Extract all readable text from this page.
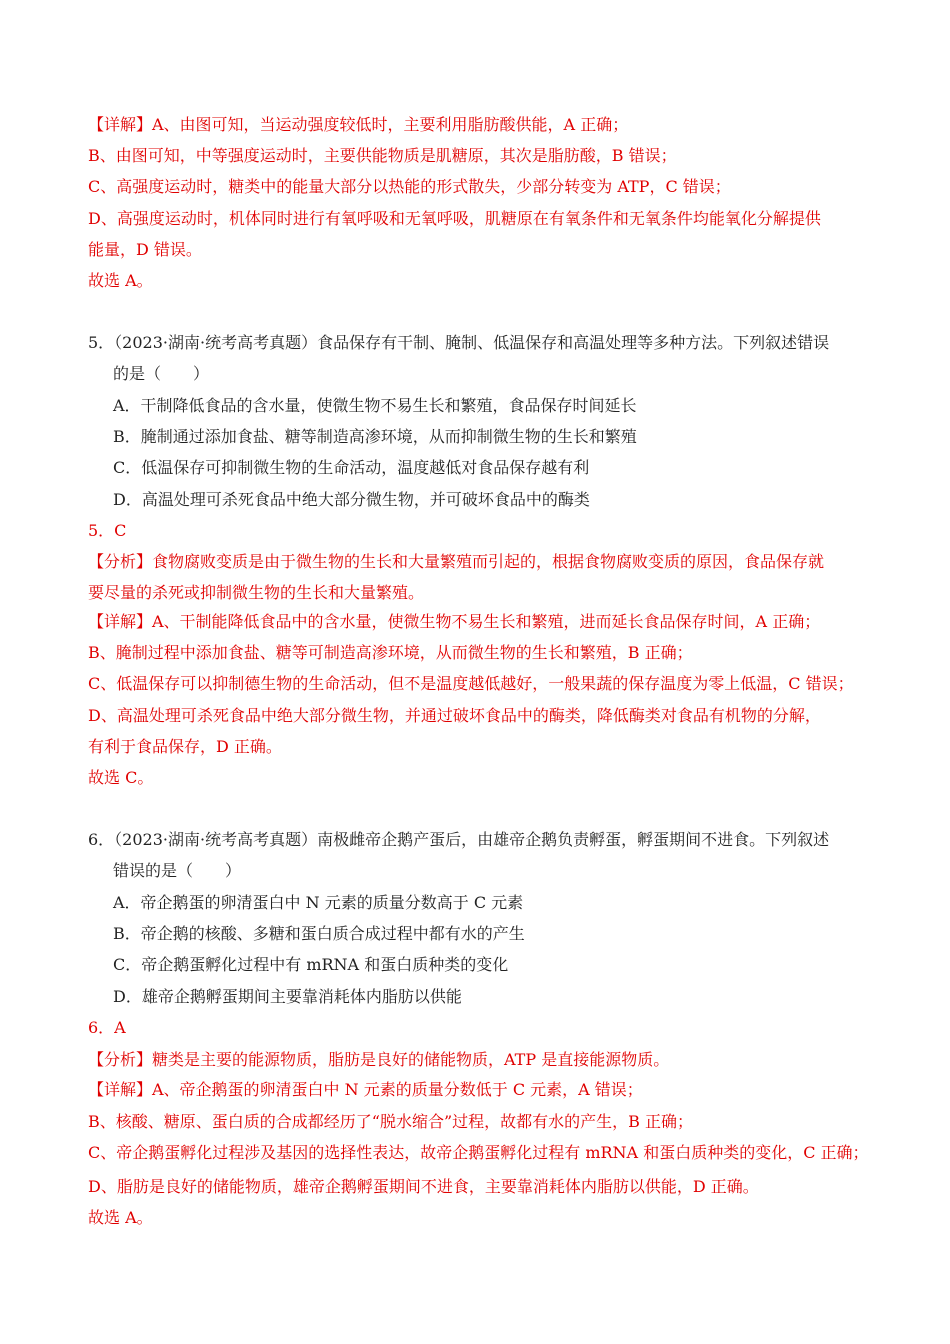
【详解】A、由图可知，当运动强度较低时，主要利用脂肪酸供能，A 正确；
B、由图可知，中等强度运动时，主要供能物质是肌糖原，其次是脂肪酸，B 错误；
C、高强度运动时，糖类中的能量大部分以热能的形式散失，少部分转变为 ATP，C 错误；
D、高强度运动时，机体同时进行有氧呼吸和无氧呼吸，肌糖原在有氧条件和无氧条件均能氧化分解提供
能量，D 错误。
故选 A。
5．（2023·湖南·统考高考真题）食品保存有干制、腌制、低温保存和高温处理等多种方法。下列叙述错误
的是（　　）
A．干制降低食品的含水量，使微生物不易生长和繁殖，食品保存时间延长
B．腌制通过添加食盐、糖等制造高渗环境，从而抑制微生物的生长和繁殖
C．低温保存可抑制微生物的生命活动，温度越低对食品保存越有利
D．高温处理可杀死食品中绝大部分微生物，并可破坏食品中的酶类
5．C
【分析】食物腐败变质是由于微生物的生长和大量繁殖而引起的，根据食物腐败变质的原因，食品保存就
要尽量的杀死或抑制微生物的生长和大量繁殖。
【详解】A、干制能降低食品中的含水量，使微生物不易生长和繁殖，进而延长食品保存时间，A 正确；
B、腌制过程中添加食盐、糖等可制造高渗环境，从而微生物的生长和繁殖，B 正确；
C、低温保存可以抑制德生物的生命活动，但不是温度越低越好，一般果蔬的保存温度为零上低温，C 错误；
D、高温处理可杀死食品中绝大部分微生物，并通过破坏食品中的酶类，降低酶类对食品有机物的分解，
有利于食品保存，D 正确。
故选 C。
6．（2023·湖南·统考高考真题）南极雌帝企鹅产蛋后，由雄帝企鹅负责孵蛋，孵蛋期间不进食。下列叙述
错误的是（　　）
A．帝企鹅蛋的卵清蛋白中 N 元素的质量分数高于 C 元素
B．帝企鹅的核酸、多糖和蛋白质合成过程中都有水的产生
C．帝企鹅蛋孵化过程中有 mRNA 和蛋白质种类的变化
D．雄帝企鹅孵蛋期间主要靠消耗体内脂肪以供能
6．A
【分析】糖类是主要的能源物质，脂肪是良好的储能物质，ATP 是直接能源物质。
【详解】A、帝企鹅蛋的卵清蛋白中 N 元素的质量分数低于 C 元素，A 错误；
B、核酸、糖原、蛋白质的合成都经历了“脱水缩合”过程，故都有水的产生，B 正确；
C、帝企鹅蛋孵化过程涉及基因的选择性表达，故帝企鹅蛋孵化过程有 mRNA 和蛋白质种类的变化，C 正确；
D、脂肪是良好的储能物质，雄帝企鹅孵蛋期间不进食，主要靠消耗体内脂肪以供能，D 正确。
故选 A。
